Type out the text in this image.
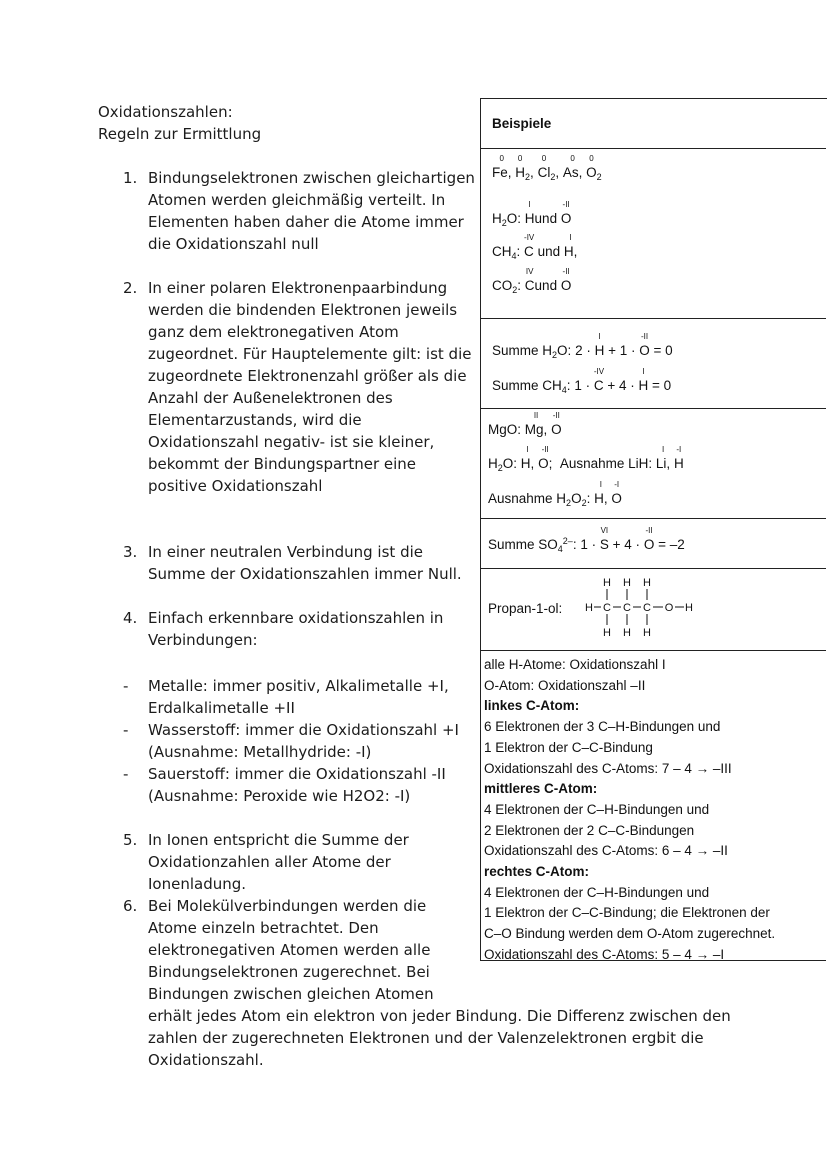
Oxidationszahlen:
Regeln zur Ermittlung
1. Bindungselektronen zwischen gleichartigen
Atomen werden gleichmäßig verteilt. In
Elementen haben daher die Atome immer
die Oxidationszahl null
2. In einer polaren Elektronenpaarbindung
werden die bindenden Elektronen jeweils
ganz dem elektronegativen Atom
zugeordnet. Für Hauptelemente gilt: ist die
zugeordnete Elektronenzahl größer als die
Anzahl der Außenelektronen des
Elementarzustands, wird die
Oxidationszahl negativ- ist sie kleiner,
bekommt der Bindungspartner eine
positive Oxidationszahl
3. In einer neutralen Verbindung ist die
Summe der Oxidationszahlen immer Null.
4. Einfach erkennbare oxidationszahlen in
Verbindungen:
- Metalle: immer positiv, Alkalimetalle +I,
Erdalkalimetalle +II
- Wasserstoff: immer die Oxidationszahl +I
(Ausnahme: Metallhydride: -I)
- Sauerstoff: immer die Oxidationszahl -II
(Ausnahme: Peroxide wie H2O2: -I)
5. In Ionen entspricht die Summe der
Oxidationzahlen aller Atome der
Ionenladung.
6. Bei Molekülverbindungen werden die
Atome einzeln betrachtet. Den
elektronegativen Atomen werden alle
Bindungselektronen zugerechnet. Bei
Bindungen zwischen gleichen Atomen
erhält jedes Atom ein elektron von jeder Bindung. Die Differenz zwischen den
zahlen der zugerechneten Elektronen und der Valenzelektronen ergbit die
Oxidationszahl.
Beispiele
0
Fe,
0
$H_2$,
0
$Cl_2$,
0
As,
0
$O_2$
$H_2O$:
I
Hund
-II
O
$CH_4$:
-IV
C und
I
H,
$CO_2$:
IV
Cund
-II
O
Summe $H_2O$: 2 ·
I
H + 1 ·
-II
O = 0
Summe $CH_4$: 1 ·
-IV
C + 4 ·
I
H = 0
MgO:
II
Mg,
-II
O
$H_2O$:
I
H,
-II
O; Ausnahme LiH:
I
Li,
-I
H
Ausnahme $H_2O_2$:
I
H,
-I
O
Summe $SO_4^{2-}$: 1 ·
VI
S + 4 ·
-II
O = –2
Propan-1-ol:
H H H
H C C C O H
H H H
alle H-Atome: Oxidationszahl I
O-Atom: Oxidationszahl –II
linkes C-Atom:
6 Elektronen der 3 C–H-Bindungen und
1 Elektron der C–C-Bindung
Oxidationszahl des C-Atoms: 7 – 4 → –III
mittleres C-Atom:
4 Elektronen der C–H-Bindungen und
2 Elektronen der 2 C–C-Bindungen
Oxidationszahl des C-Atoms: 6 – 4 → –II
rechtes C-Atom:
4 Elektronen der C–H-Bindungen und
1 Elektron der C–C-Bindung; die Elektronen der
C–O Bindung werden dem O-Atom zugerechnet.
Oxidationszahl des C-Atoms: 5 – 4 → –I
